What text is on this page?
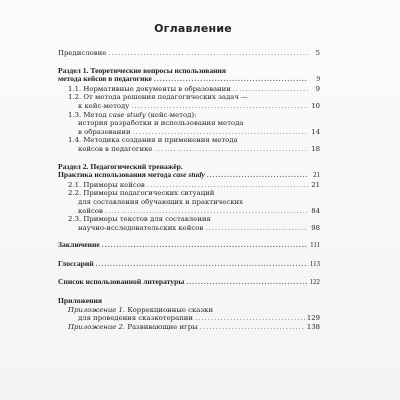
Оглавление
Предисловие .....	5
Раздел 1. Теоретические вопросы использования
метода кейсов в педагогике .....	9
1.1. Нормативные документы в образовании .....	9
1.2. От метода решения педагогических задач —
к кейс-методу .....	10
1.3. Метод case study (кейс-метод):
история разработки и использования метода
в образовании .....	14
1.4. Методика создания и применения метода
кейсов в педагогике .....	18
Раздел 2. Педагогический тренажёр.
Практика использования метода case study .....	21
2.1. Примеры кейсов .....	21
2.2. Примеры педагогических ситуаций
для составления обучающих и практических
кейсов .....	84
2.3. Примеры текстов для составления
научно-исследовательских кейсов .....	98
Заключение .....	111
Глоссарий .....	113
Список использованной литературы .....	122
Приложения
Приложение 1. Коррекционные сказки
для проведения сказкотерапии .....	129
Приложение 2. Развивающие игры .....	138
